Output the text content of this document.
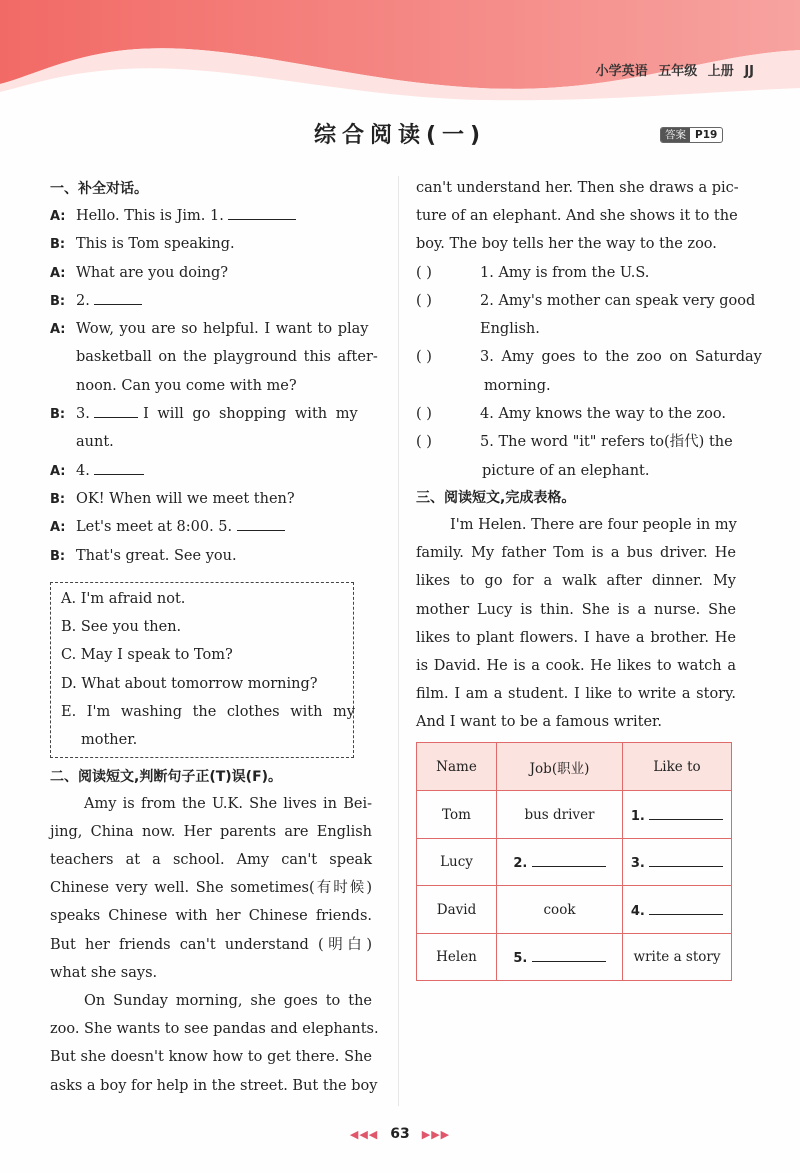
小学英语 五年级 上册 JJ
综合阅读(一)	答案 P19
一、补全对话。
A: Hello. This is Jim. 1.
B: This is Tom speaking.
A: What are you doing?
B: 2.
A: Wow, you are so helpful. I want to play
basketball on the playground this after-
noon. Can you come with me?
B: 3.	I will go shopping with my
aunt.
A: 4.
B: OK! When will we meet then?
A: Let's meet at 8:00. 5.
B: That's great. See you.
A. I'm afraid not.
B. See you then.
C. May I speak to Tom?
D. What about tomorrow morning?
E. I'm washing the clothes with my
mother.
二、阅读短文,判断句子正(T)误(F)。
Amy is from the U.K. She lives in Bei-
jing, China now. Her parents are English
teachers at a school. Amy can't speak
Chinese very well. She sometimes(有时候)
speaks Chinese with her Chinese friends.
But her friends can't understand (明白)
what she says.
On Sunday morning, she goes to the
zoo. She wants to see pandas and elephants.
But she doesn't know how to get there. She
asks a boy for help in the street. But the boy
can't understand her. Then she draws a pic-
ture of an elephant. And she shows it to the
boy. The boy tells her the way to the zoo.
( )	1. Amy is from the U.S.
( )	2. Amy's mother can speak very good
English.
( )	3. Amy goes to the zoo on Saturday
morning.
( )	4. Amy knows the way to the zoo.
( )	5. The word "it" refers to(指代) the
picture of an elephant.
三、阅读短文,完成表格。
I'm Helen. There are four people in my
family. My father Tom is a bus driver. He
likes to go for a walk after dinner. My
mother Lucy is thin. She is a nurse. She
likes to plant flowers. I have a brother. He
is David. He is a cook. He likes to watch a
film. I am a student. I like to write a story.
And I want to be a famous writer.
Name	Job(职业)	Like to
Tom	bus driver	1.
Lucy	2.	3.
David	cook	4.
Helen	5.	write a story
◀◀◀ 63 ▶▶▶
